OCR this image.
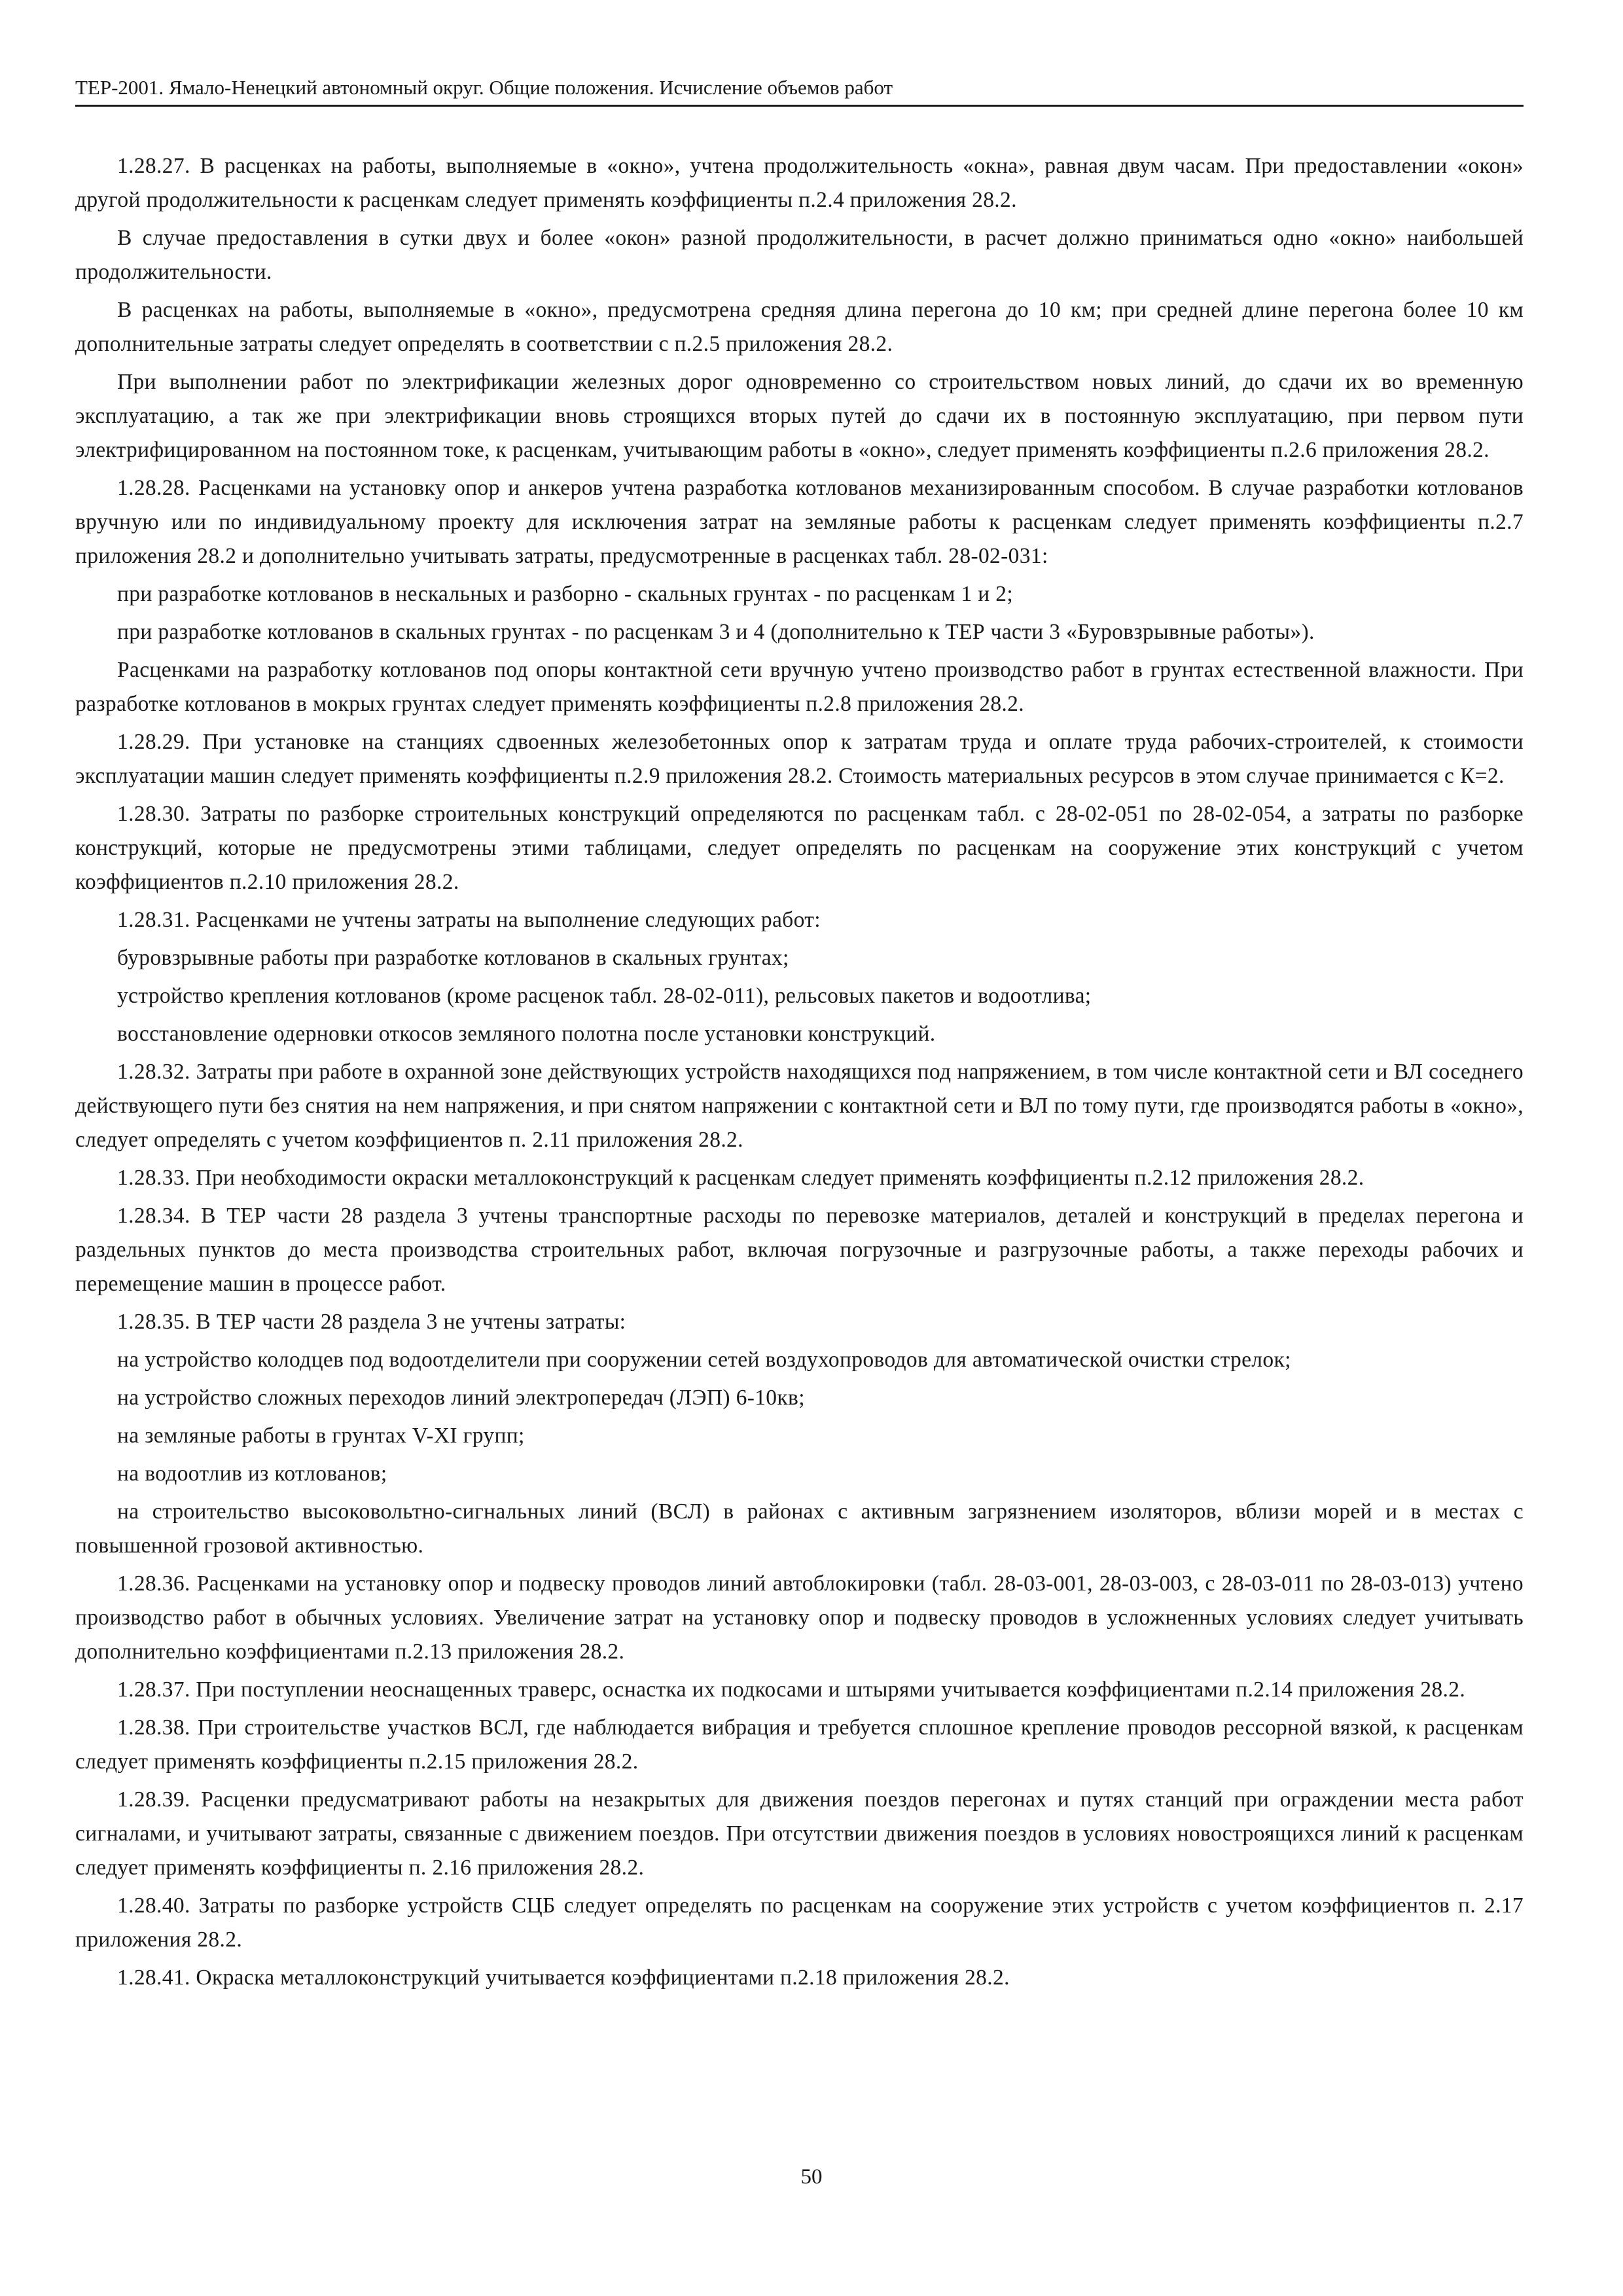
ТЕР-2001. Ямало-Ненецкий автономный округ. Общие положения. Исчисление объемов работ

1.28.27. В расценках на работы, выполняемые в «окно», учтена продолжительность «окна», равная двум часам. При предоставлении «окон» другой продолжительности к расценкам следует применять коэффициенты п.2.4 приложения 28.2.

В случае предоставления в сутки двух и более «окон» разной продолжительности, в расчет должно приниматься одно «окно» наибольшей продолжительности.

В расценках на работы, выполняемые в «окно», предусмотрена средняя длина перегона до 10 км; при средней длине перегона более 10 км дополнительные затраты следует определять в соответствии с п.2.5 приложения 28.2.

При выполнении работ по электрификации железных дорог одновременно со строительством новых линий, до сдачи их во временную эксплуатацию, а так же при электрификации вновь строящихся вторых путей до сдачи их в постоянную эксплуатацию, при первом пути электрифицированном на постоянном токе, к расценкам, учитывающим работы в «окно», следует применять коэффициенты п.2.6 приложения 28.2.

1.28.28. Расценками на установку опор и анкеров учтена разработка котлованов механизированным способом. В случае разработки котлованов вручную или по индивидуальному проекту для исключения затрат на земляные работы к расценкам следует применять коэффициенты п.2.7 приложения 28.2 и дополнительно учитывать затраты, предусмотренные в расценках табл. 28-02-031:

при разработке котлованов в нескальных и разборно - скальных грунтах - по расценкам 1 и 2;

при разработке котлованов в скальных грунтах - по расценкам 3 и 4 (дополнительно к ТЕР части 3 «Буровзрывные работы»).

Расценками на разработку котлованов под опоры контактной сети вручную учтено производство работ в грунтах естественной влажности. При разработке котлованов в мокрых грунтах следует применять коэффициенты п.2.8 приложения 28.2.

1.28.29. При установке на станциях сдвоенных железобетонных опор к затратам труда и оплате труда рабочих-строителей, к стоимости эксплуатации машин следует применять коэффициенты п.2.9 приложения 28.2. Стоимость материальных ресурсов в этом случае принимается с К=2.

1.28.30. Затраты по разборке строительных конструкций определяются по расценкам табл. с 28-02-051 по 28-02-054, а затраты по разборке конструкций, которые не предусмотрены этими таблицами, следует определять по расценкам на сооружение этих конструкций с учетом коэффициентов п.2.10 приложения 28.2.

1.28.31. Расценками не учтены затраты на выполнение следующих работ:

буровзрывные работы при разработке котлованов в скальных грунтах;

устройство крепления котлованов (кроме расценок табл. 28-02-011), рельсовых пакетов и водоотлива;

восстановление одерновки откосов земляного полотна после установки конструкций.

1.28.32. Затраты при работе в охранной зоне действующих устройств находящихся под напряжением, в том числе контактной сети и ВЛ соседнего действующего пути без снятия на нем напряжения, и при снятом напряжении с контактной сети и ВЛ по тому пути, где производятся работы в «окно», следует определять с учетом коэффициентов п. 2.11 приложения 28.2.

1.28.33. При необходимости окраски металлоконструкций к расценкам следует применять коэффициенты п.2.12 приложения 28.2.

1.28.34. В ТЕР части 28 раздела 3 учтены транспортные расходы по перевозке материалов, деталей и конструкций в пределах перегона и раздельных пунктов до места производства строительных работ, включая погрузочные и разгрузочные работы, а также переходы рабочих и перемещение машин в процессе работ.

1.28.35. В ТЕР части 28 раздела 3 не учтены затраты:

на устройство колодцев под водоотделители при сооружении сетей воздухопроводов для автоматической очистки стрелок;

на устройство сложных переходов линий электропередач (ЛЭП) 6-10кв;

на земляные работы в грунтах V-XI групп;

на водоотлив из котлованов;

на строительство высоковольтно-сигнальных линий (ВСЛ) в районах с активным загрязнением изоляторов, вблизи морей и в местах с повышенной грозовой активностью.

1.28.36. Расценками на установку опор и подвеску проводов линий автоблокировки (табл. 28-03-001, 28-03-003, с 28-03-011 по 28-03-013) учтено производство работ в обычных условиях. Увеличение затрат на установку опор и подвеску проводов в усложненных условиях следует учитывать дополнительно коэффициентами п.2.13 приложения 28.2.

1.28.37. При поступлении неоснащенных траверс, оснастка их подкосами и штырями учитывается коэффициентами п.2.14 приложения 28.2.

1.28.38. При строительстве участков ВСЛ, где наблюдается вибрация и требуется сплошное крепление проводов рессорной вязкой, к расценкам следует применять коэффициенты п.2.15 приложения 28.2.

1.28.39. Расценки предусматривают работы на незакрытых для движения поездов перегонах и путях станций при ограждении места работ сигналами, и учитывают затраты, связанные с движением поездов. При отсутствии движения поездов в условиях новостроящихся линий к расценкам следует применять коэффициенты п. 2.16 приложения 28.2.

1.28.40. Затраты по разборке устройств СЦБ следует определять по расценкам на сооружение этих устройств с учетом коэффициентов п. 2.17 приложения 28.2.

1.28.41. Окраска металлоконструкций учитывается коэффициентами п.2.18 приложения 28.2.

50
